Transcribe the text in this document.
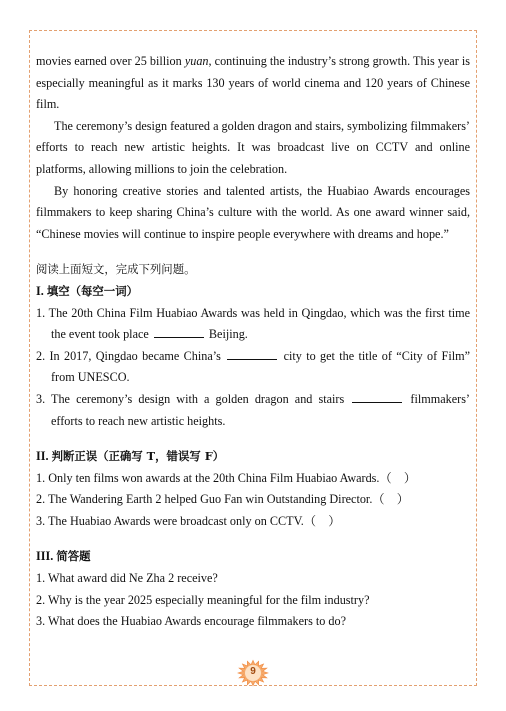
movies earned over 25 billion yuan, continuing the industry’s strong growth. This year is especially meaningful as it marks 130 years of world cinema and 120 years of Chinese film.

The ceremony’s design featured a golden dragon and stairs, symbolizing filmmakers’ efforts to reach new artistic heights. It was broadcast live on CCTV and online platforms, allowing millions to join the celebration.

By honoring creative stories and talented artists, the Huabiao Awards encourages filmmakers to keep sharing China’s culture with the world. As one award winner said, “Chinese movies will continue to inspire people everywhere with dreams and hope.”

阅读上面短文，完成下列问题。

I. 填空（每空一词）

1. The 20th China Film Huabiao Awards was held in Qingdao, which was the first time the event took place	Beijing.

2. In 2017, Qingdao became China’s	city to get the title of “City of Film” from UNESCO.

3. The ceremony’s design with a golden dragon and stairs	filmmakers’ efforts to reach new artistic heights.

II. 判断正误（正确写 T，错误写 F）

1. Only ten films won awards at the 20th China Film Huabiao Awards.（　）

2. The Wandering Earth 2 helped Guo Fan win Outstanding Director.（　）

3. The Huabiao Awards were broadcast only on CCTV.（　）

III. 简答题

1. What award did Ne Zha 2 receive?

2. Why is the year 2025 especially meaningful for the film industry?

3. What does the Huabiao Awards encourage filmmakers to do?

9
